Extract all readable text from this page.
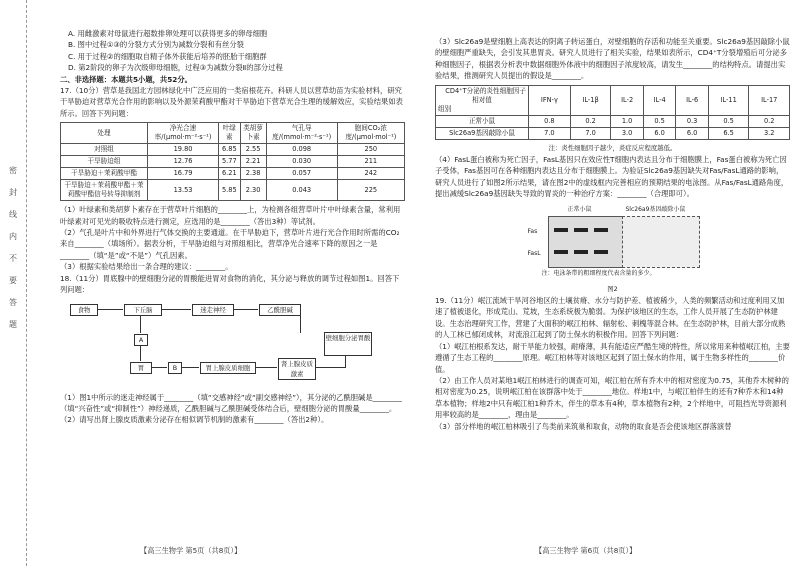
密
封
线
内
不
要
答
题

A. 用雌激素对母鼠进行超数排卵处理可以获得更多的卵母细胞

B. 图中过程①③的分裂方式分别为减数分裂和有丝分裂

C. 用于过程②的细胞取自精子体外获能后培养的胚胎干细胞群

D. 第2阶段的卵子为次级卵母细胞，过程③为减数分裂Ⅱ的部分过程

二、非选择题：本题共5小题，共52分。

17.（10分）营草是我国北方园林绿化中广泛应用的一类宿根花卉。科研人员以营草幼苗为实验材料，研究干旱胁迫对营草光合作用的影响以及外源茉莉酸甲酯对干旱胁迫下营草光合生理的缓解效应，实验结果如表所示。回答下列问题：

处理	净光合速率/(μmol·m⁻²·s⁻¹)	叶绿素	类胡萝卜素	气孔导度/(mmol·m⁻²·s⁻¹)	胞间CO₂浓度/(μmol·mol⁻¹)
对照组	19.80	6.85	2.55	0.098	250
干旱胁迫组	12.76	5.77	2.21	0.030	211
干旱胁迫＋茉莉酸甲酯	16.79	6.21	2.38	0.057	242
干旱胁迫＋茉莉酸甲酯＋茉莉酸甲酯信号转导抑制剂	13.53	5.85	2.30	0.043	225

（1）叶绿素和类胡萝卜素存在于营草叶片细胞的________上，为检测各组营草叶片中叶绿素含量，常利用叶绿素对可见光的吸收特点进行测定，应选用的是________（答出3种）等试剂。

（2）气孔是叶片中和外界进行气体交换的主要通道。在干旱胁迫下，营草叶片进行光合作用时所需的CO₂来自________（填场所）。据表分析，干旱胁迫组与对照组相比，营草净光合速率下降的原因之一是________（填“是”或“不是”）气孔因素。

（3）根据实验结果给出一条合理的建议：________。

18.（11分）胃底腺中的壁细胞分泌的胃酸能进胃对食物的消化，其分泌与释放的调节过程如图1。回答下列问题：

食物	下丘脑	迷走神经	乙酰胆碱
壁细胞分泌胃酸
A
胃	B	胃上腺皮质细胞	肾上腺皮质激素

（1）图1中所示的迷走神经属于________（填“交感神经”或“副交感神经”），其分泌的乙酰胆碱是________（填“兴奋性”或“抑制性”）神经递质，乙酰胆碱与乙酰胆碱受体结合后，壁细胞分泌的胃酸量________。

（2）请写出肾上腺皮质激素分泌存在相似调节机制的激素有________（答出2种）。

【高三生物学 第5页（共8页）】

（3）Slc26a9是壁细胞上高表达的阴离子转运蛋白，对壁细胞的存活和功能至关重要。Slc26a9基因敲除小鼠的壁细胞严重缺失，会引发其患胃炎。研究人员进行了相关实验，结果如表所示，CD4⁺T分裂增殖后可分泌多种细胞因子，根据表分析表中数据细胞外体液中的细胞因子浓度较高，请发生________的结构特点。请提出实验结果，推测研究人员提出的假设是________。

CD4⁺T分泌的炎性细胞因子
相对值
组别	IFN-γ	IL-1β	IL-2	IL-4	IL-6	IL-11	IL-17
正常小鼠	0.8	0.2	1.0	0.5	0.3	0.5	0.2
Slc26a9基因敲除小鼠	7.0	7.0	3.0	6.0	6.0	6.5	3.2

注：炎性细胞因子越少，炎症反应程度越低。

（4）FasL蛋白被称为死亡因子，FasL基因只在效应性T细胞内表达且分布于细胞膜上，Fas蛋白被称为死亡因子受体，Fas基因可在各种细胞内表达且分布于细胞膜上。为验证Slc26a9基因缺失对Fas/FasL通路的影响，研究人员进行了如图2所示结果，请在图2中的虚线框内完善相应的预期结果的电泳图。从Fas/FasL通路角度，提出减缓Slc26a9基因缺失导致的胃炎的一种治疗方案：________（合理即可）。

正常小鼠	Slc26a9基因敲除小鼠
Fas
FasL
注：电泳条带的粗细程度代表含量的多少。

图2

19.（11分）岷江流域干旱河谷地区的土壤贫瘠、水分与防护差、植被稀少，人类的频繁活动和过度利用又加速了植被退化，形成荒山、荒坡，生态系统极为脆弱。为保护该地区的生态，工作人员开展了生态防护林建设。生态治理研究工作，营建了大面积的岷江柏林、辐射松、刺槐等混合林。在生态防护林，目前大部分成熟的人工林已郁闭成林，对流浪江起到了防土保水的积极作用。回答下列问题：

（1）岷江柏根系发达，耐干旱能力较强，耐瘠薄，具有能适应严酷生境的特性，所以常用来种植岷江柏，主要遵循了生态工程的________原理。岷江柏林等对该地区起到了固土保水的作用，属于生物多样性的________价值。

（2）由工作人员对某地1岷江柏林进行的调查可知，岷江柏在所有乔木中的相对密度为0.75，其他乔木树种的相对密度为0.25，说明岷江柏在该群落中处于________地位。样地1中，与岷江柏伴生的还有7种乔木和14种草本植物；样地2中只有岷江柏1种乔木，伴生的草本有4种，草本植物有2种，2个样地中，可阻挡光导资源利用率较高的是________，理由是________。

（3）部分样地的岷江柏林吸引了鸟类前来筑巢和取食，动物的取食是否会使该地区群落演替

【高三生物学 第6页（共8页）】
